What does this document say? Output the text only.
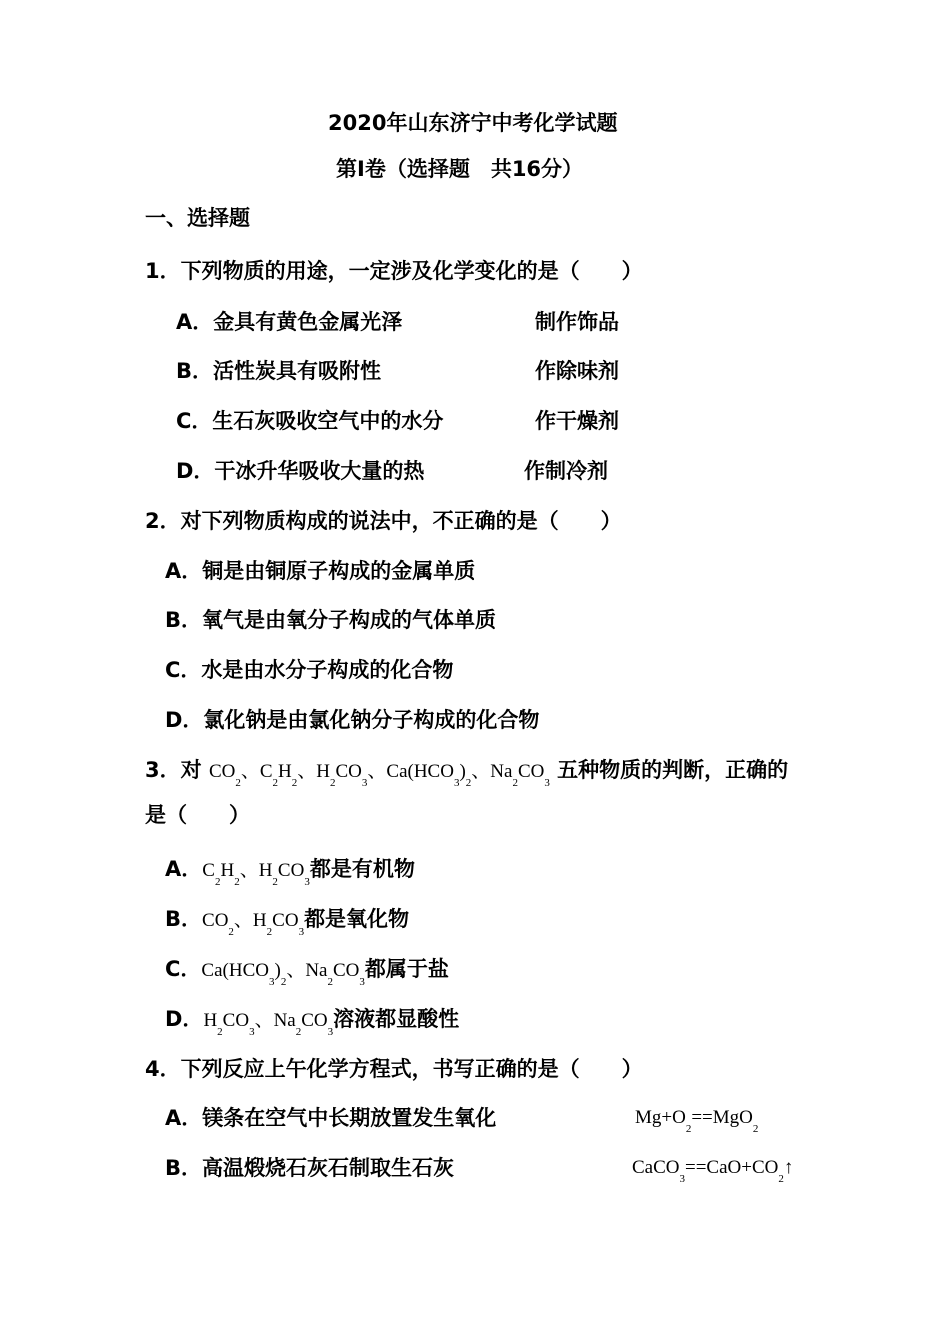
2020年山东济宁中考化学试题
第I卷（选择题　共16分）
一、选择题
1．下列物质的用途，一定涉及化学变化的是（　　）
A．金具有黄色金属光泽	制作饰品
B．活性炭具有吸附性	作除味剂
C．生石灰吸收空气中的水分	作干燥剂
D．干冰升华吸收大量的热	作制冷剂
2．对下列物质构成的说法中，不正确的是（　　）
A．铜是由铜原子构成的金属单质
B．氧气是由氧分子构成的气体单质
C．水是由水分子构成的化合物
D．氯化钠是由氯化钠分子构成的化合物
3．对 $CO_2$、$C_2H_2$、$H_2CO_3$、$Ca(HCO_3)_2$、$Na_2CO_3$ 五种物质的判断，正确的
是（　　）
A．$C_2H_2$、$H_2CO_3$都是有机物
B．$CO_2$、$H_2CO_3$都是氧化物
C．$Ca(HCO_3)_2$、$Na_2CO_3$都属于盐
D．$H_2CO_3$、$Na_2CO_3$溶液都显酸性
4．下列反应上午化学方程式，书写正确的是（　　）
A．镁条在空气中长期放置发生氧化	$Mg+O_2==MgO_2$
B．高温煅烧石灰石制取生石灰	$CaCO_3==CaO+CO_2↑$
